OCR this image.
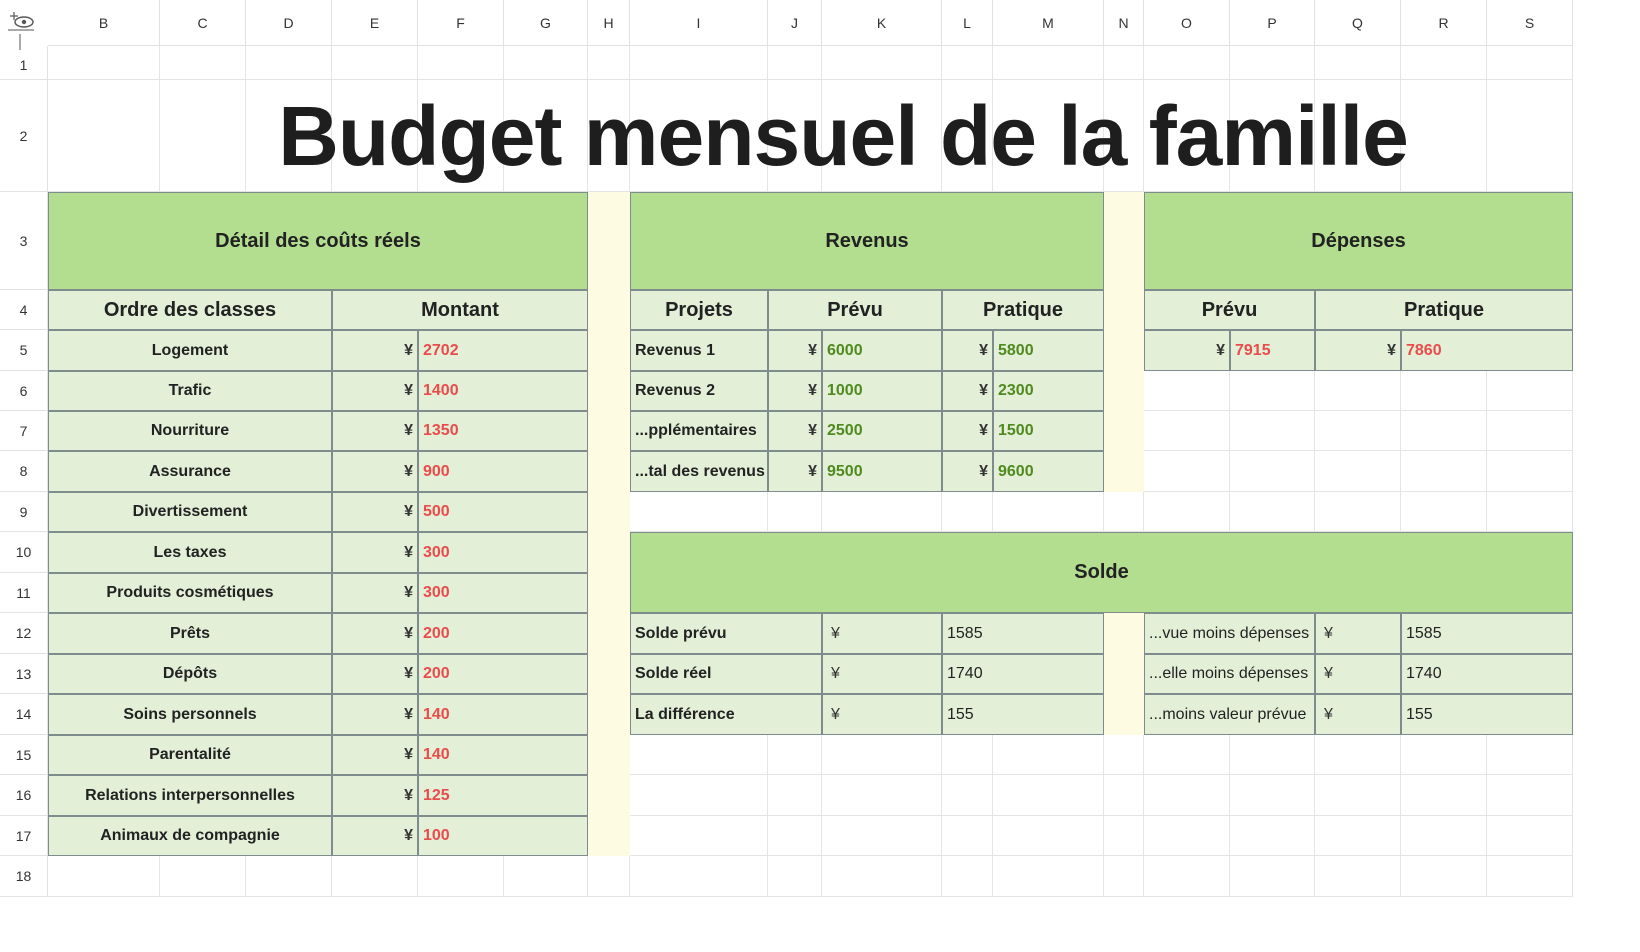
B	C	D	E	F	G	H	I	J	K	L	M	N	O	P	Q	R	S
1
2
3
4
5
6
7
8
9
10
11
12
13
14
15
16
17
18
Budget mensuel de la famille
Détail des coûts réels
Ordre des classes	Montant
Logement	¥ 2702
Trafic	¥ 1400
Nourriture	¥ 1350
Assurance	¥ 900
Divertissement	¥ 500
Les taxes	¥ 300
Produits cosmétiques	¥ 300
Prêts	¥ 200
Dépôts	¥ 200
Soins personnels	¥ 140
Parentalité	¥ 140
Relations interpersonnelles	¥ 125
Animaux de compagnie	¥ 100
Revenus
Projets	Prévu	Pratique
Revenus 1	¥ 6000	¥ 5800
Revenus 2	¥ 1000	¥ 2300
...pplémentaires	¥ 2500	¥ 1500
...tal des revenus	¥ 9500	¥ 9600
Dépenses
Prévu	Pratique
¥ 7915	¥ 7860
Solde
Solde prévu	¥	1585	...vue moins dépenses ¥	1585
Solde réel	¥	1740	...elle moins dépenses ¥	1740
La différence	¥	155	...moins valeur prévue	¥	155
